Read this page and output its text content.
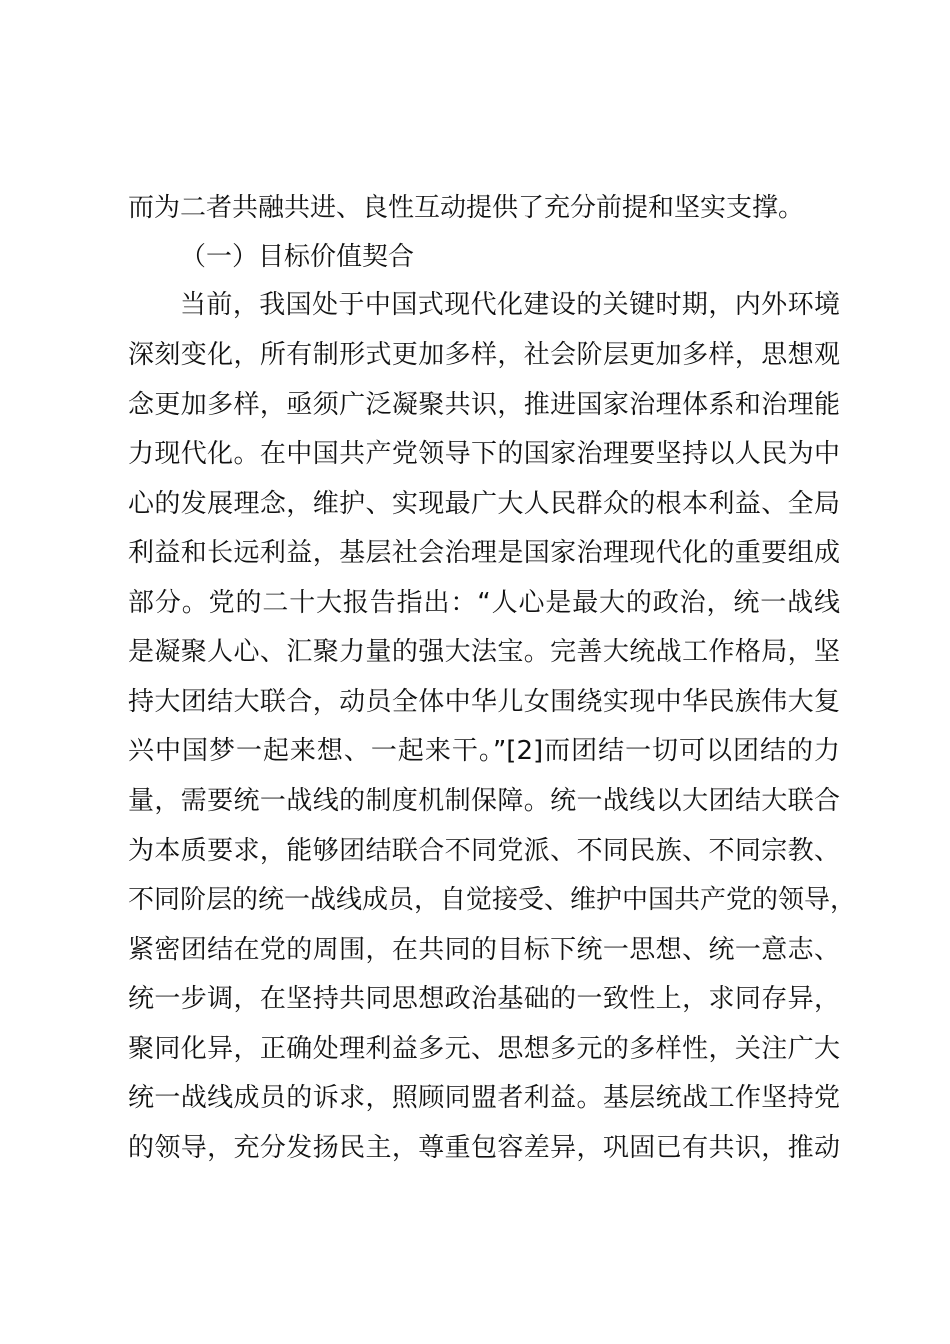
而为二者共融共进、良性互动提供了充分前提和坚实支撑。
（一）目标价值契合
当前，我国处于中国式现代化建设的关键时期，内外环境
深刻变化，所有制形式更加多样，社会阶层更加多样，思想观
念更加多样，亟须广泛凝聚共识，推进国家治理体系和治理能
力现代化。在中国共产党领导下的国家治理要坚持以人民为中
心的发展理念，维护、实现最广大人民群众的根本利益、全局
利益和长远利益，基层社会治理是国家治理现代化的重要组成
部分。党的二十大报告指出：“人心是最大的政治，统一战线
是凝聚人心、汇聚力量的强大法宝。完善大统战工作格局，坚
持大团结大联合，动员全体中华儿女围绕实现中华民族伟大复
兴中国梦一起来想、一起来干。”[2]而团结一切可以团结的力
量，需要统一战线的制度机制保障。统一战线以大团结大联合
为本质要求，能够团结联合不同党派、不同民族、不同宗教、
不同阶层的统一战线成员，自觉接受、维护中国共产党的领导，
紧密团结在党的周围，在共同的目标下统一思想、统一意志、
统一步调，在坚持共同思想政治基础的一致性上，求同存异，
聚同化异，正确处理利益多元、思想多元的多样性，关注广大
统一战线成员的诉求，照顾同盟者利益。基层统战工作坚持党
的领导，充分发扬民主，尊重包容差异，巩固已有共识，推动
